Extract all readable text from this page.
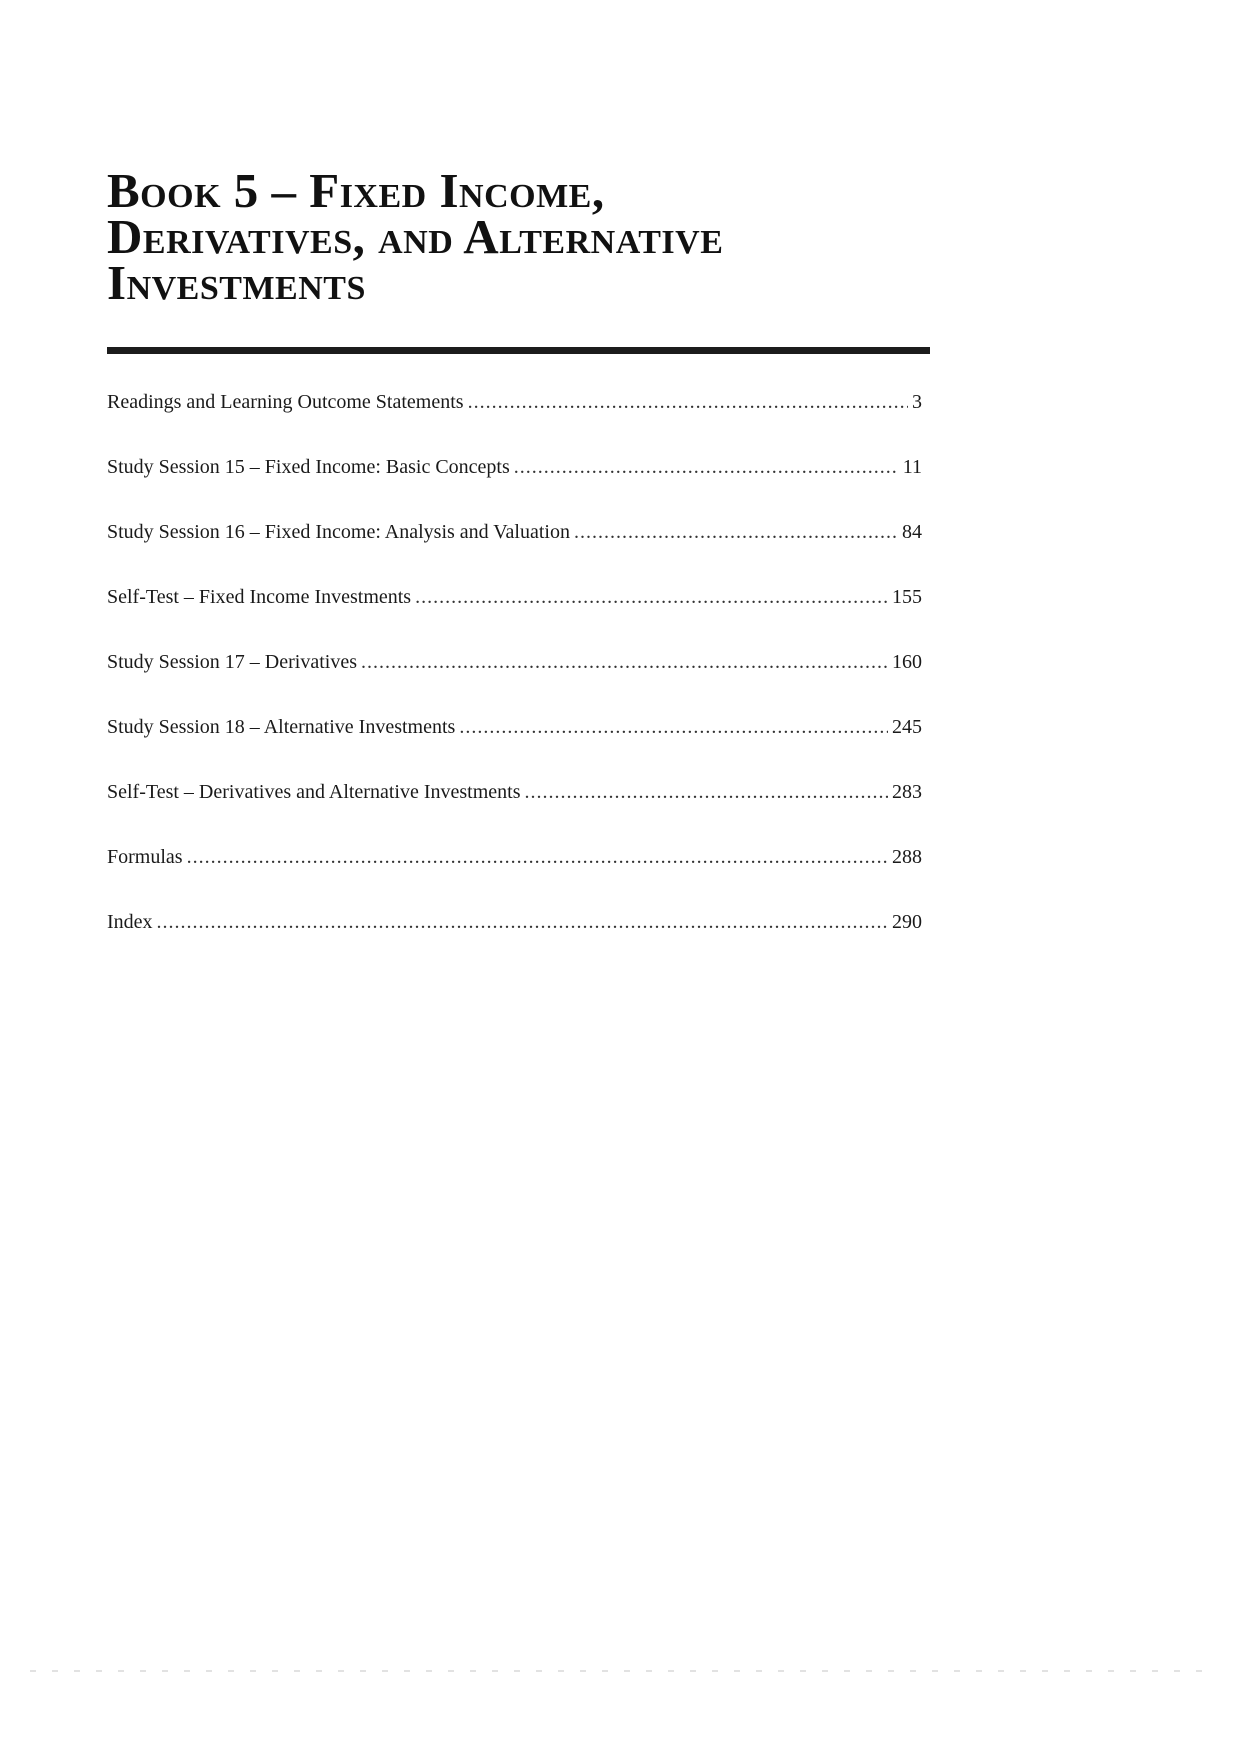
Book 5 – Fixed Income,
Derivatives, and Alternative
Investments
Readings and Learning Outcome Statements .....	3
Study Session 15 – Fixed Income: Basic Concepts .....	11
Study Session 16 – Fixed Income: Analysis and Valuation .....	84
Self-Test – Fixed Income Investments .....	155
Study Session 17 – Derivatives .....	160
Study Session 18 – Alternative Investments .....	245
Self-Test – Derivatives and Alternative Investments .....	283
Formulas .....	288
Index .....	290
